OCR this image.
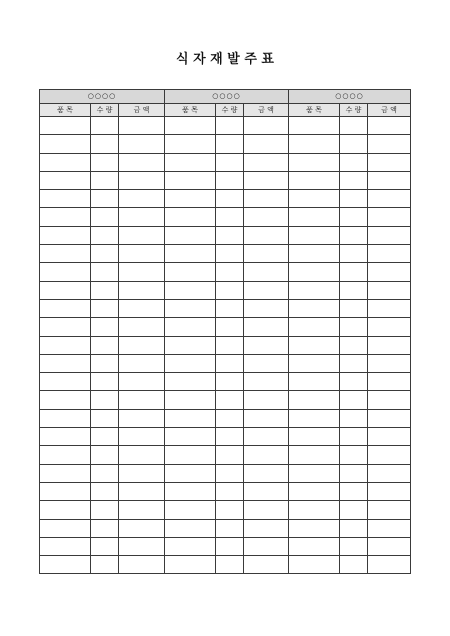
식 자 재 발 주 표
○○○○			○○○○			○○○○		
품 목	수 량	금 액	품 목	수 량	금 액	품 목	수 량	금 액
